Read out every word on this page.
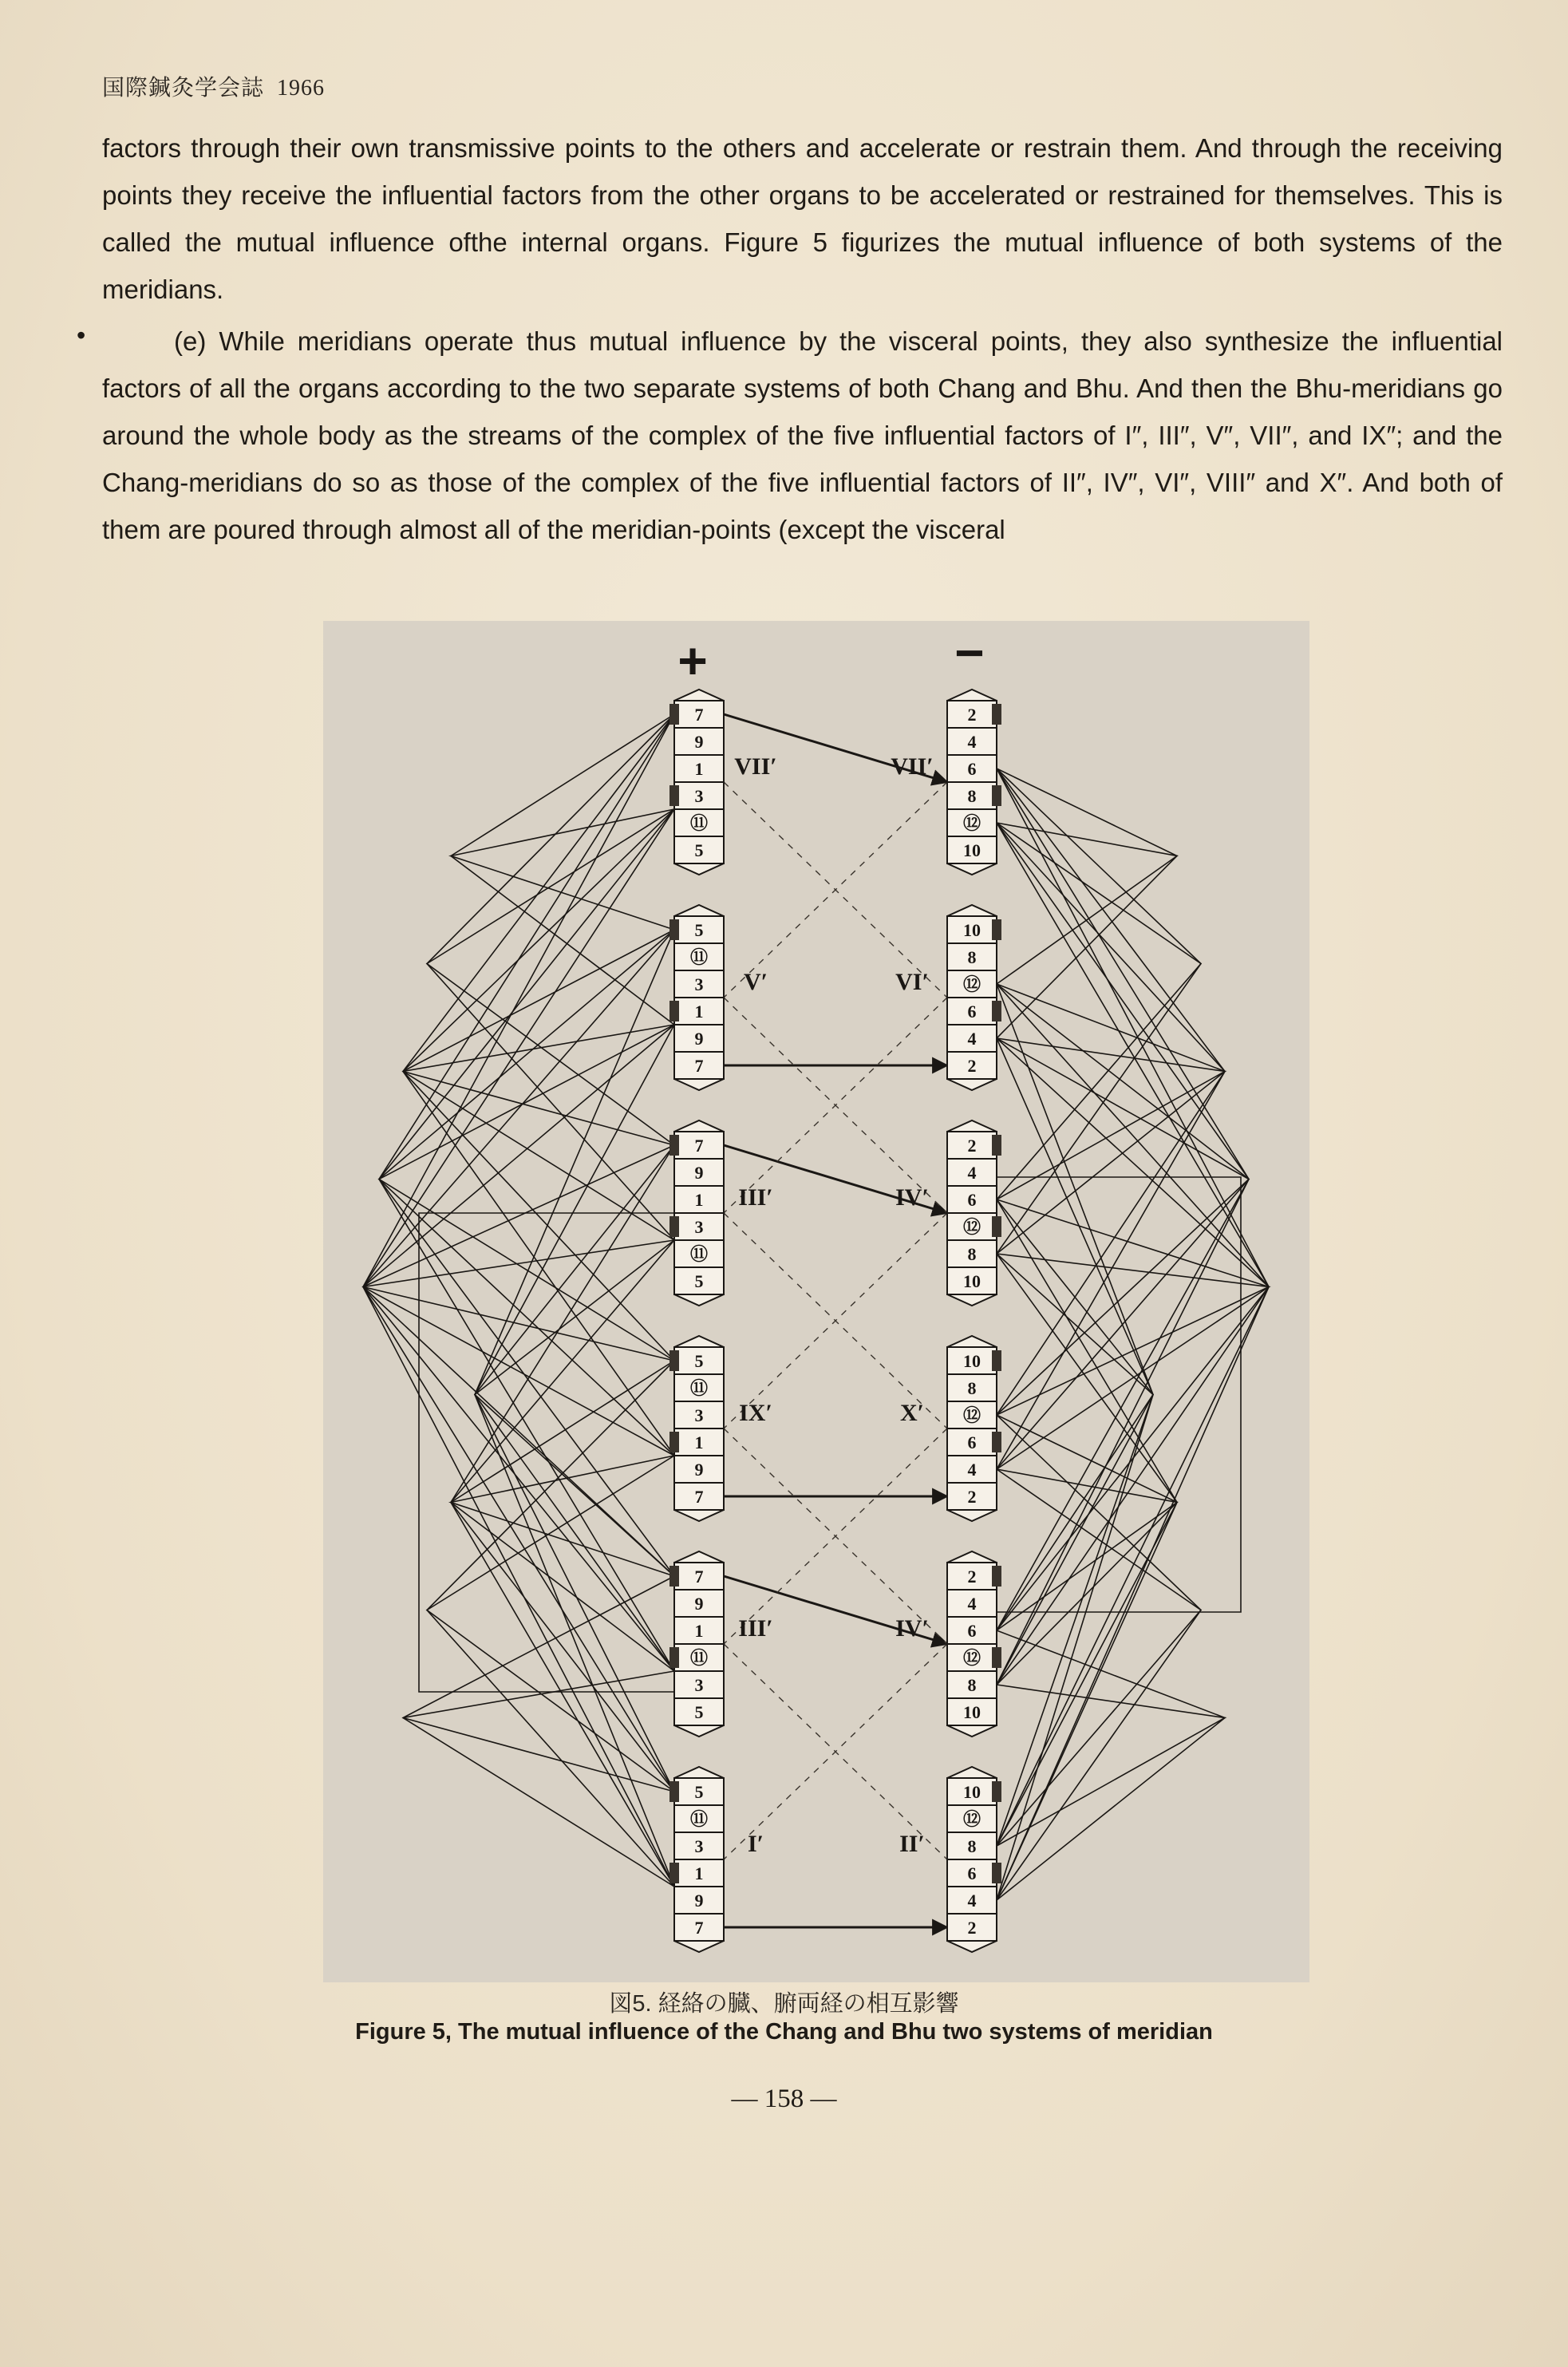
国際鍼灸学会誌 1966

factors through their own transmissive points to the others and accelerate or restrain them. And through the receiving points they receive the influential factors from the other organs to be accelerated or restrained for themselves. This is called the mutual influence ofthe internal organs. Figure 5 figurizes the mutual influence of both systems of the meridians.

•	(e) While meridians operate thus mutual influence by the visceral points, they also synthesize the influential factors of all the organs according to the two separate systems of both Chang and Bhu. And then the Bhu-meridians go around the whole body as the streams of the complex of the five influential factors of I″, III″, V″, VII″, and IX″; and the Chang-meridians do so as those of the complex of the five influential factors of II″, IV″, VI″, VIII″ and X″. And both of them are poured through almost all of the meridian-points (except the visceral

7
9
1
3
⑪
5
VII′
5
⑪
3
1
9
7
V′
7
9
1
3
⑪
5
III′
5
⑪
3
1
9
7
IX′
7
9
1
⑪
3
5
III′
5
⑪
3
1
9
7
I′
2
4
6
8
⑫
10
VII′
10
8
⑫
6
4
2
VI′
2
4
6
⑫
8
10
IV′
10
8
⑫
6
4
2
X′
2
4
6
⑫
8
10
IV′
10
⑫
8
6
4
2
II′
+	−
図5. 経絡の臓、腑両経の相互影響
Figure 5, The mutual influence of the Chang and Bhu two systems of meridian
— 158 —
